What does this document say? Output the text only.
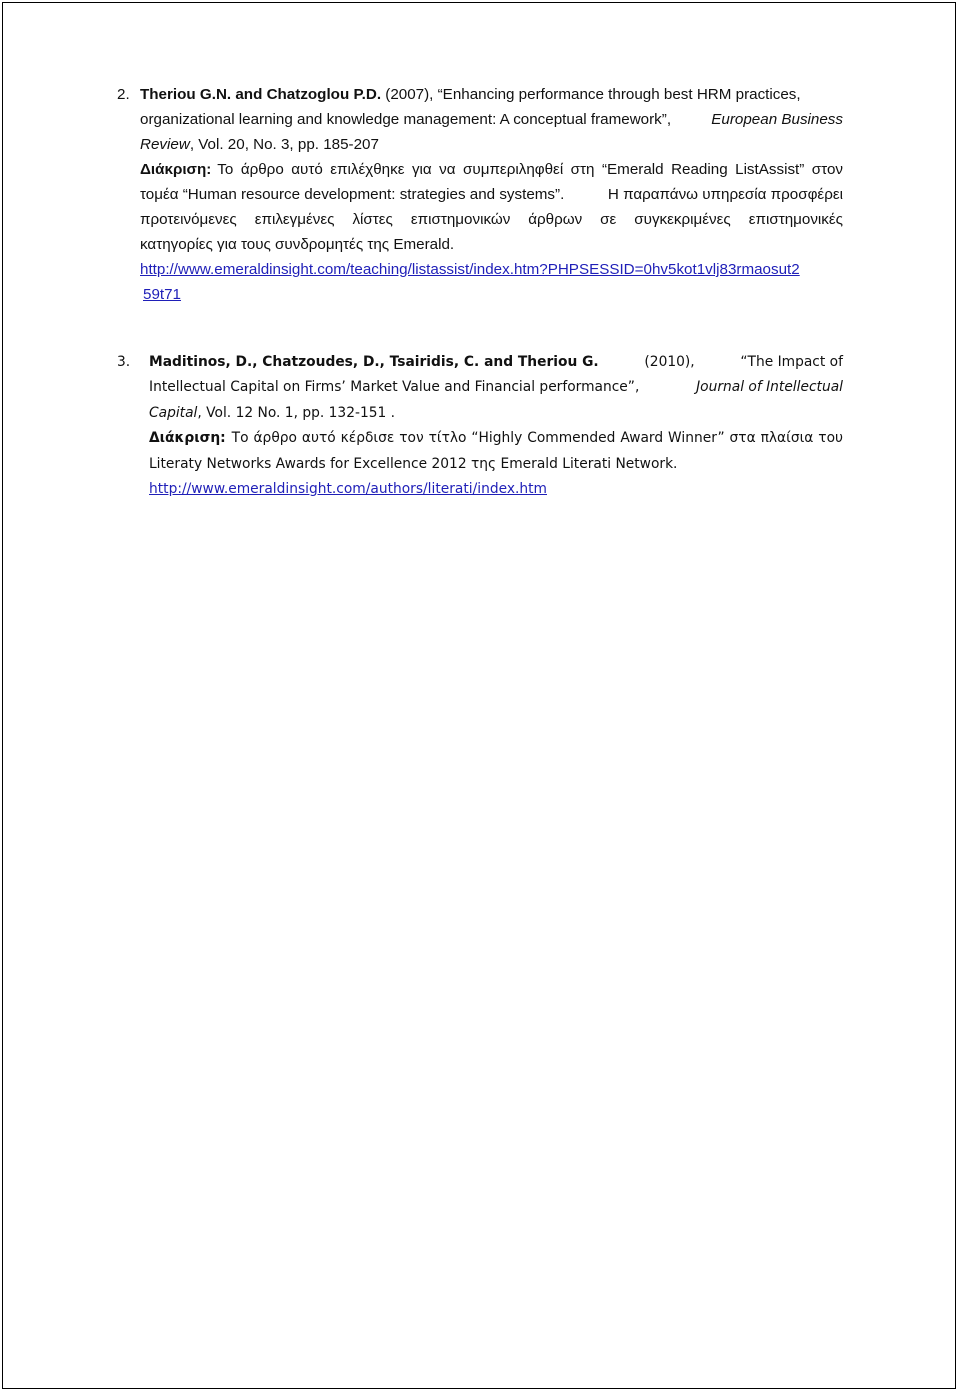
2. Theriou G.N. and Chatzoglou P.D. (2007), “Enhancing performance through best HRM practices,
organizational learning and knowledge management: A conceptual framework”,	European Business
Review, Vol. 20, No. 3, pp. 185-207
Διάκριση: Το άρθρο αυτό επιλέχθηκε για να συμπεριληφθεί στη “Emerald Reading ListAssist” στον
τομέα “Human resource development: strategies and systems”.	Η παραπάνω υπηρεσία προσφέρει
προτεινόμενες επιλεγμένες λίστες επιστημονικών άρθρων σε συγκεκριμένες επιστημονικές
κατηγορίες για τους συνδρομητές της Emerald.
http://www.emeraldinsight.com/teaching/listassist/index.htm?PHPSESSID=0hv5kot1vlj83rmaosut2
59t71
3. Maditinos, D., Chatzoudes, D., Tsairidis, C. and Theriou G.	(2010),	“The Impact of
Intellectual Capital on Firms’ Market Value and Financial performance”,	Journal of Intellectual
Capital, Vol. 12 No. 1, pp. 132-151 .
Διάκριση: Το άρθρο αυτό κέρδισε τον τίτλο “Highly Commended Award Winner” στα πλαίσια του
Literaty Networks Awards for Excellence 2012 της Emerald Literati Network.
http://www.emeraldinsight.com/authors/literati/index.htm
